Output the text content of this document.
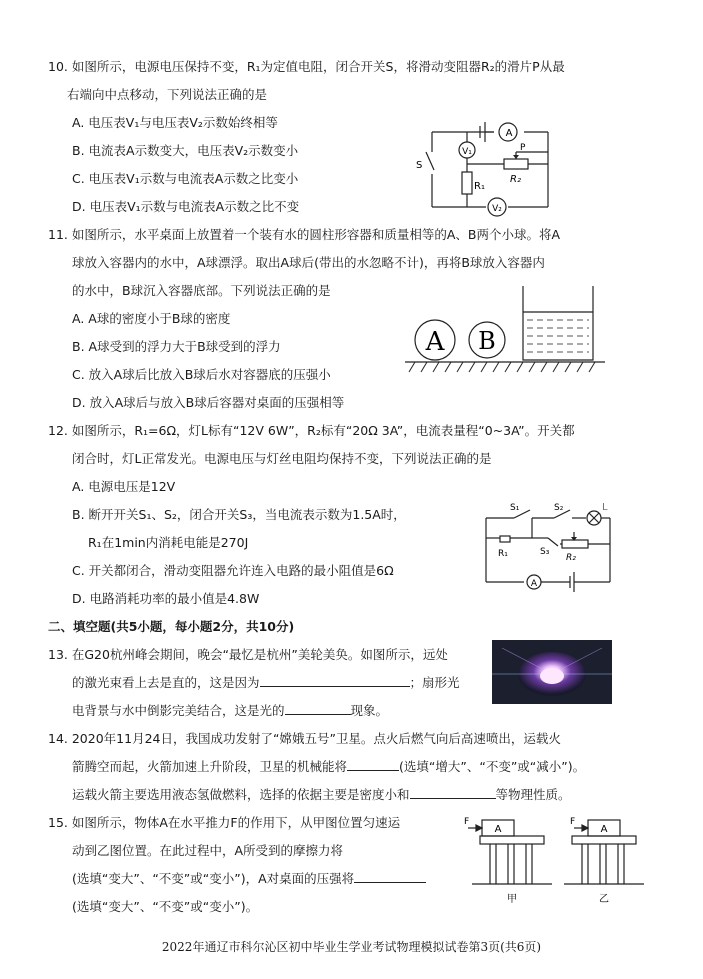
10. 如图所示，电源电压保持不变，R₁为定值电阻，闭合开关S，将滑动变阻器R₂的滑片P从最
右端向中点移动，下列说法正确的是
A. 电压表V₁与电压表V₂示数始终相等
B. 电流表A示数变大，电压表V₂示数变小
C. 电压表V₁示数与电流表A示数之比变小
D. 电压表V₁示数与电流表A示数之比不变
A
V₁
V₂
S
R₁
P
R₂
11. 如图所示，水平桌面上放置着一个装有水的圆柱形容器和质量相等的A、B两个小球。将A
球放入容器内的水中，A球漂浮。取出A球后(带出的水忽略不计)，再将B球放入容器内
的水中，B球沉入容器底部。下列说法正确的是
A. A球的密度小于B球的密度
B. A球受到的浮力大于B球受到的浮力
C. 放入A球后比放入B球后水对容器底的压强小
D. 放入A球后与放入B球后容器对桌面的压强相等
A B
12. 如图所示，R₁=6Ω，灯L标有“12V 6W”，R₂标有“20Ω 3A”，电流表量程“0~3A”。开关都
闭合时，灯L正常发光。电源电压与灯丝电阻均保持不变，下列说法正确的是
A. 电源电压是12V
B. 断开开关S₁、S₂，闭合开关S₃，当电流表示数为1.5A时，
R₁在1min内消耗电能是270J
C. 开关都闭合，滑动变阻器允许连入电路的最小阻值是6Ω
D. 电路消耗功率的最小值是4.8W
S₁	S₂	L
R₁	S₃
R₂
A
二、填空题(共5小题，每小题2分，共10分)
13. 在G20杭州峰会期间，晚会“最忆是杭州”美轮美奂。如图所示，远处
的激光束看上去是直的，这是因为	；扇形光
电背景与水中倒影完美结合，这是光的	现象。
14. 2020年11月24日，我国成功发射了“嫦娥五号”卫星。点火后燃气向后高速喷出，运载火
箭腾空而起，火箭加速上升阶段，卫星的机械能将	(选填“增大”、“不变”或“减小”)。
运载火箭主要选用液态氢做燃料，选择的依据主要是密度小和	等物理性质。
15. 如图所示，物体A在水平推力F的作用下，从甲图位置匀速运
动到乙图位置。在此过程中，A所受到的摩擦力将
(选填“变大”、“不变”或“变小”)，A对桌面的压强将
(选填“变大”、“不变”或“变小”)。
F
A
甲
F
A
乙
2022年通辽市科尔沁区初中毕业生学业考试物理模拟试卷第3页(共6页)
